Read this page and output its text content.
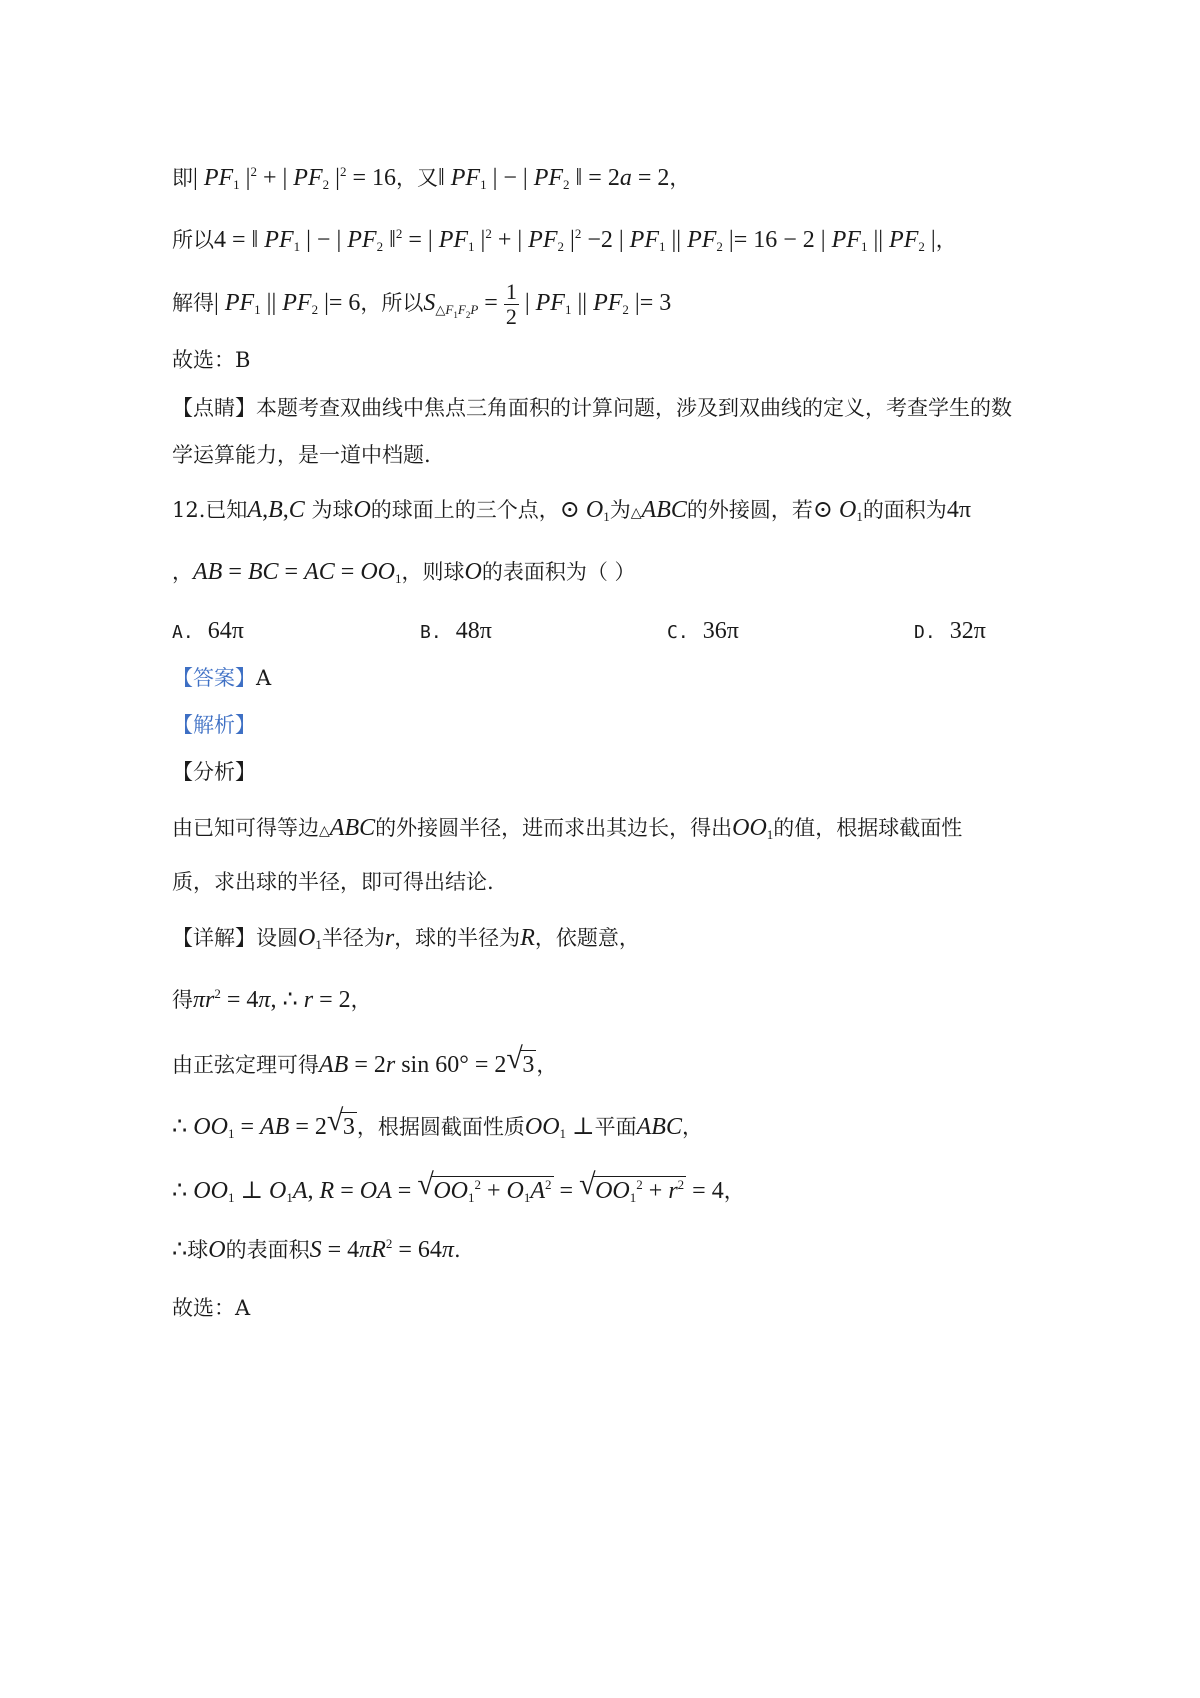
即| $PF_1$ $|^2$ + | $PF_2$ $|^2 = 16$，又‖ $PF_1$ | − | $PF_2$ ‖ = 2a = 2，
所以4 = ‖ $PF_1$ | − | $PF_2$ ‖$^2$ = | $PF_1$ $|^2$ + | $PF_2$ $|^2 -2$ | $PF_1$ || $PF_2$ |= 16 − 2 | $PF_1$ || $PF_2$ |，
解得| $PF_1$ || $PF_2$ |= 6，所以$S_{\triangle F_1F_2P} = \frac{1}{2}$ | $PF_1$ || $PF_2$ |= 3
故选：B
【点睛】本题考查双曲线中焦点三角面积的计算问题，涉及到双曲线的定义，考查学生的数
学运算能力，是一道中档题.
12.已知A,B,C 为球O的球面上的三个点，⊙ $O_1$为△ABC的外接圆，若⊙ $O_1$的面积为4π
，AB = BC = AC = $OO_1$，则球O的表面积为（ ）
A. 64π	B. 48π	C. 36π	D. 32π
【答案】A
【解析】
【分析】
由已知可得等边△ABC的外接圆半径，进而求出其边长，得出$OO_1$的值，根据球截面性
质，求出球的半径，即可得出结论.
【详解】设圆$O_1$半径为r，球的半径为R，依题意，
得$\pi r^2 = 4\pi$, ∴ r = 2，
由正弦定理可得AB = 2r sin 60° = 2 √ 3，
∴ $OO_1$ = AB = 2 √ 3，根据圆截面性质$OO_1$ ⊥平面ABC，
∴ $OO_1$ ⊥ $O_1A$, R = OA = √ $OO_1^2 + O_1A^2$ = √ $OO_1^2 + r^2 = 4$，
∴球O的表面积$S = 4\pi R^2 = 64\pi$.
故选：A
